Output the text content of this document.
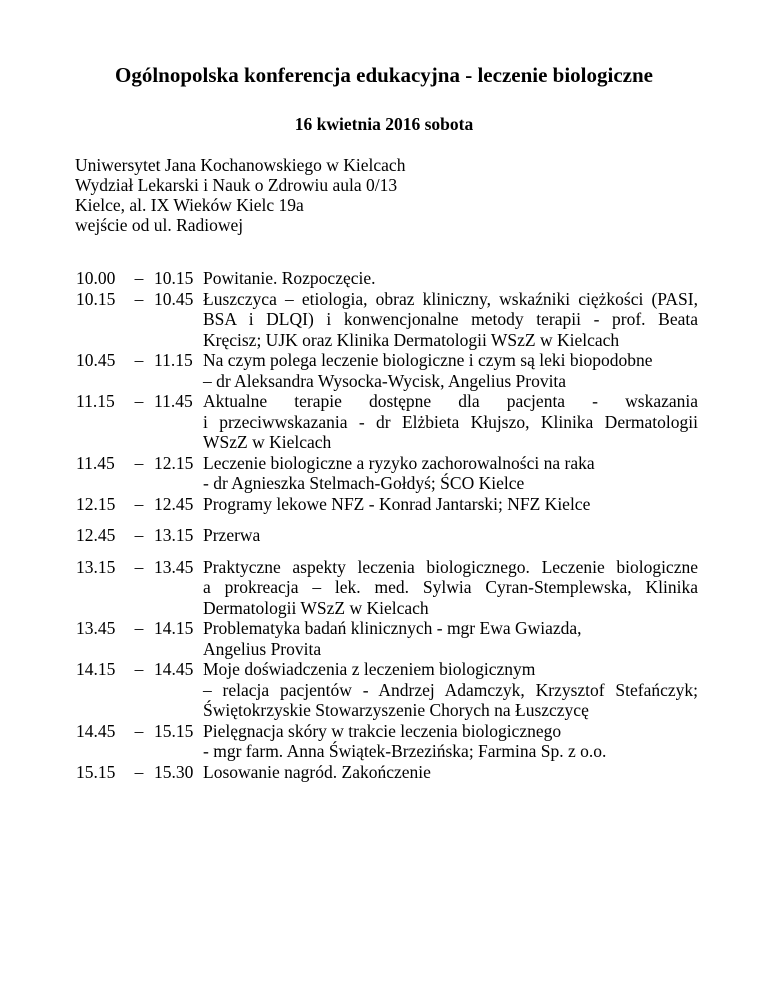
Ogólnopolska konferencja edukacyjna - leczenie biologiczne

16 kwietnia 2016 sobota

Uniwersytet Jana Kochanowskiego w Kielcach
Wydział Lekarski i Nauk o Zdrowiu aula 0/13
Kielce, al. IX Wieków Kielc 19a
wejście od ul. Radiowej
10.00	– 10.15 Powitanie. Rozpoczęcie.
10.15	– 10.45 Łuszczyca – etiologia, obraz kliniczny, wskaźniki ciężkości (PASI,
BSA i DLQI) i konwencjonalne metody terapii - prof. Beata
Kręcisz; UJK oraz Klinika Dermatologii WSzZ w Kielcach
10.45	– 11.15 Na czym polega leczenie biologiczne i czym są leki biopodobne
– dr Aleksandra Wysocka-Wycisk, Angelius Provita
11.15	– 11.45 Aktualne terapie dostępne dla pacjenta - wskazania
i przeciwwskazania - dr Elżbieta Kłujszo, Klinika Dermatologii
WSzZ w Kielcach
11.45	– 12.15 Leczenie biologiczne a ryzyko zachorowalności na raka
- dr Agnieszka Stelmach-Gołdyś; ŚCO Kielce
12.15	– 12.45 Programy lekowe NFZ - Konrad Jantarski; NFZ Kielce
12.45	– 13.15 Przerwa
13.15	– 13.45 Praktyczne aspekty leczenia biologicznego. Leczenie biologiczne
a prokreacja – lek. med. Sylwia Cyran-Stemplewska, Klinika
Dermatologii WSzZ w Kielcach
13.45	– 14.15 Problematyka badań klinicznych - mgr Ewa Gwiazda,
Angelius Provita
14.15	– 14.45 Moje doświadczenia z leczeniem biologicznym
– relacja pacjentów - Andrzej Adamczyk, Krzysztof Stefańczyk;
Świętokrzyskie Stowarzyszenie Chorych na Łuszczycę
14.45	– 15.15 Pielęgnacja skóry w trakcie leczenia biologicznego
- mgr farm. Anna Świątek-Brzezińska; Farmina Sp. z o.o.
15.15	– 15.30 Losowanie nagród. Zakończenie
